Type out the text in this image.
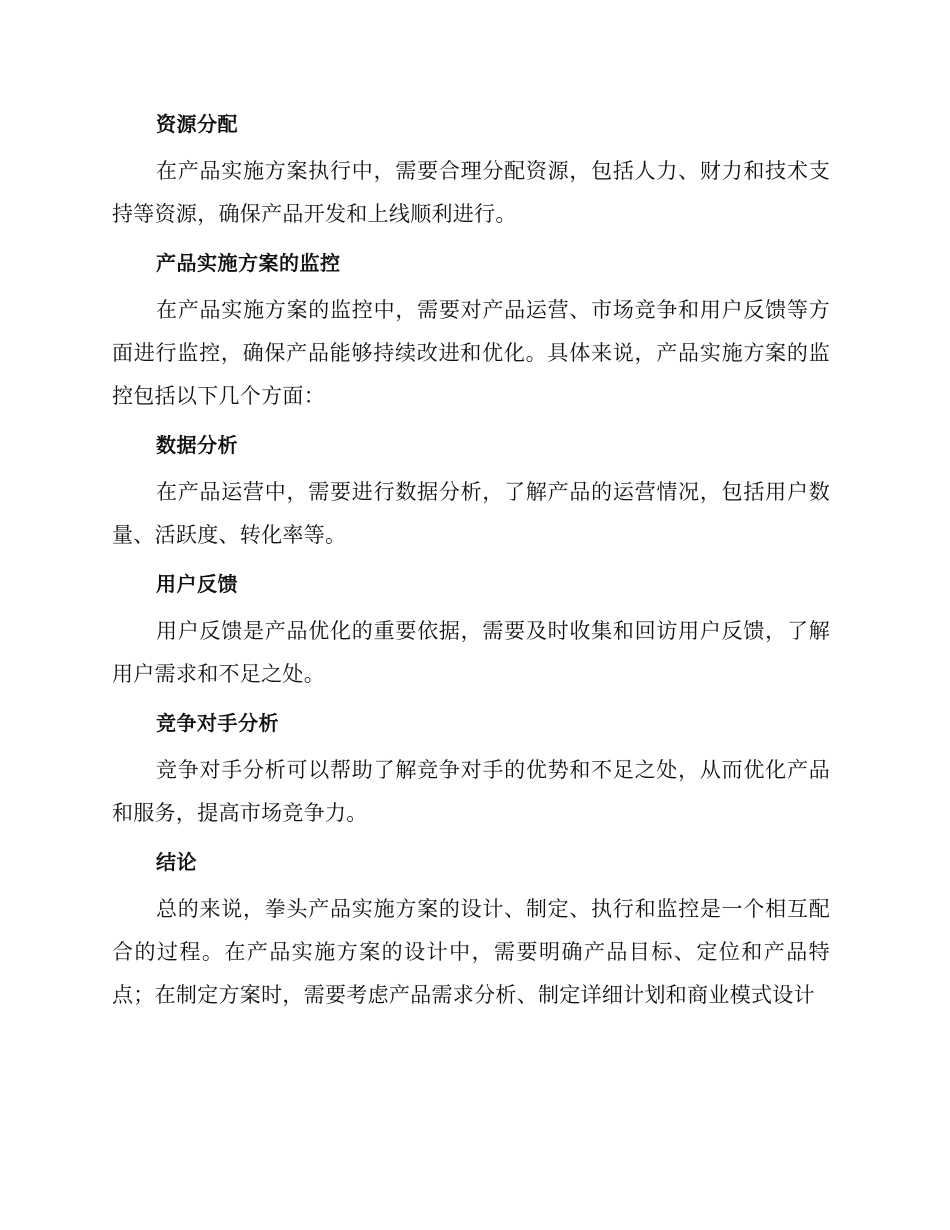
资源分配

在产品实施方案执行中，需要合理分配资源，包括人力、财力和技术支持等资源，确保产品开发和上线顺利进行。

产品实施方案的监控

在产品实施方案的监控中，需要对产品运营、市场竞争和用户反馈等方面进行监控，确保产品能够持续改进和优化。具体来说，产品实施方案的监控包括以下几个方面：

数据分析

在产品运营中，需要进行数据分析，了解产品的运营情况，包括用户数量、活跃度、转化率等。

用户反馈

用户反馈是产品优化的重要依据，需要及时收集和回访用户反馈，了解用户需求和不足之处。

竞争对手分析

竞争对手分析可以帮助了解竞争对手的优势和不足之处，从而优化产品和服务，提高市场竞争力。

结论

总的来说，拳头产品实施方案的设计、制定、执行和监控是一个相互配合的过程。在产品实施方案的设计中，需要明确产品目标、定位和产品特点；在制定方案时，需要考虑产品需求分析、制定详细计划和商业模式设计
